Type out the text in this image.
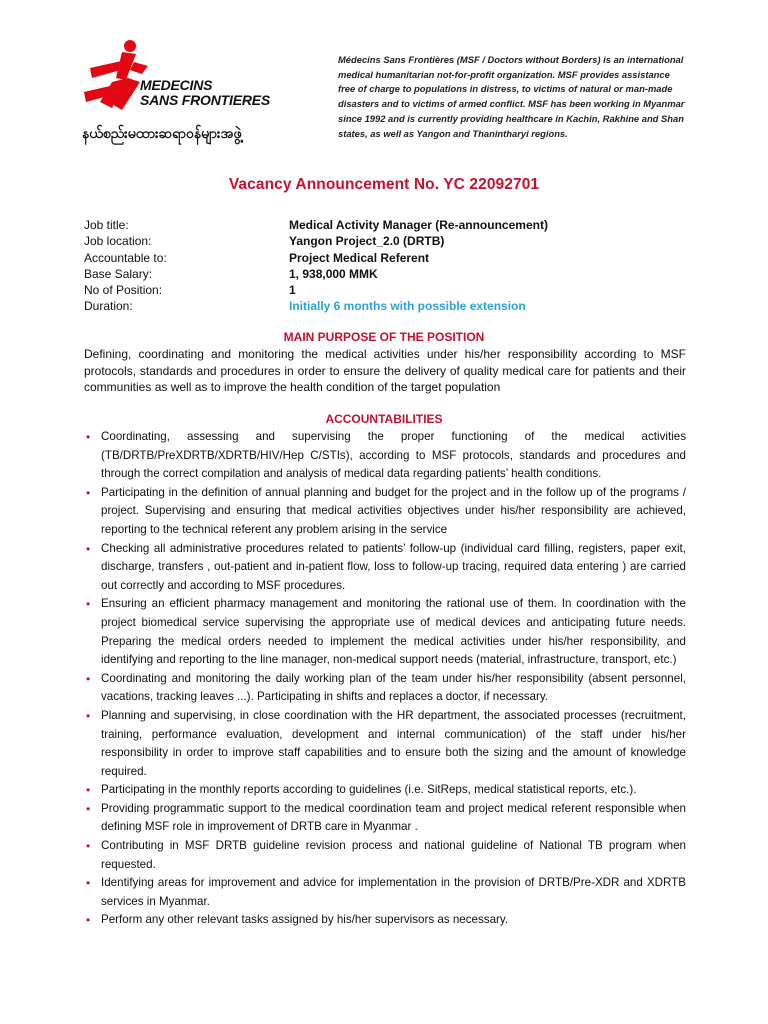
MEDECINS
SANS FRONTIERES
နယ်စည်းမထားဆရာဝန်များအဖွဲ့
Médecins Sans Frontières (MSF / Doctors without Borders) is an international medical humanitarian not-for-profit organization. MSF provides assistance free of charge to populations in distress, to victims of natural or man-made disasters and to victims of armed conflict. MSF has been working in Myanmar since 1992 and is currently providing healthcare in Kachin, Rakhine and Shan states, as well as Yangon and Thanintharyi regions.
Vacancy Announcement No. YC 22092701
Job title:	Medical Activity Manager (Re-announcement)
Job location:	Yangon Project_2.0 (DRTB)
Accountable to:	Project Medical Referent
Base Salary:	1, 938,000 MMK
No of Position:	1
Duration:	Initially 6 months with possible extension
MAIN PURPOSE OF THE POSITION
Defining, coordinating and monitoring the medical activities under his/her responsibility according to MSF protocols, standards and procedures in order to ensure the delivery of quality medical care for patients and their communities as well as to improve the health condition of the target population
ACCOUNTABILITIES
• Coordinating, assessing and supervising the proper functioning of the medical activities (TB/DRTB/PreXDRTB/XDRTB/HIV/Hep C/STIs), according to MSF protocols, standards and procedures and through the correct compilation and analysis of medical data regarding patients’ health conditions.
• Participating in the definition of annual planning and budget for the project and in the follow up of the programs / project. Supervising and ensuring that medical activities objectives under his/her responsibility are achieved, reporting to the technical referent any problem arising in the service
• Checking all administrative procedures related to patients’ follow-up (individual card filling, registers, paper exit, discharge, transfers , out-patient and in-patient flow, loss to follow-up tracing, required data entering ) are carried out correctly and according to MSF procedures.
• Ensuring an efficient pharmacy management and monitoring the rational use of them. In coordination with the project biomedical service supervising the appropriate use of medical devices and anticipating future needs. Preparing the medical orders needed to implement the medical activities under his/her responsibility, and identifying and reporting to the line manager, non-medical support needs (material, infrastructure, transport, etc.)
• Coordinating and monitoring the daily working plan of the team under his/her responsibility (absent personnel, vacations, tracking leaves ...). Participating in shifts and replaces a doctor, if necessary.
• Planning and supervising, in close coordination with the HR department, the associated processes (recruitment, training, performance evaluation, development and internal communication) of the staff under his/her responsibility in order to improve staff capabilities and to ensure both the sizing and the amount of knowledge required.
• Participating in the monthly reports according to guidelines (i.e. SitReps, medical statistical reports, etc.).
• Providing programmatic support to the medical coordination team and project medical referent responsible when defining MSF role in improvement of DRTB care in Myanmar .
• Contributing in MSF DRTB guideline revision process and national guideline of National TB program when requested.
• Identifying areas for improvement and advice for implementation in the provision of DRTB/Pre-XDR and XDRTB services in Myanmar.
• Perform any other relevant tasks assigned by his/her supervisors as necessary.
